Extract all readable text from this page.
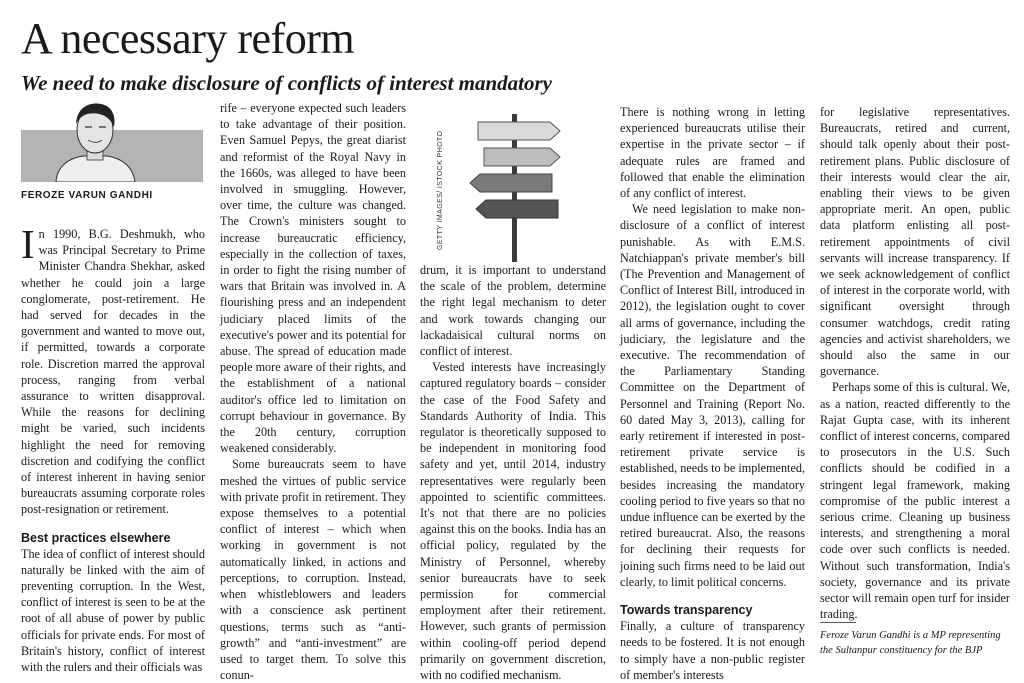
A necessary reform
We need to make disclosure of conflicts of interest mandatory
FEROZE VARUN GANDHI	GETTY IMAGES/ ISTOCK PHOTO

In 1990, B.G. Deshmukh, who was Principal Secretary to Prime Minister Chandra Shekhar, asked whether he could join a large conglomerate, post-retirement. He had served for decades in the government and wanted to move out, if permitted, towards a corporate role. Discretion marred the approval process, ranging from verbal assurance to written disapproval. While the reasons for declining might be varied, such incidents highlight the need for removing discretion and codifying the conflict of interest inherent in having senior bureaucrats assuming corporate roles post-resignation or retirement.

Best practices elsewhere

The idea of conflict of interest should naturally be linked with the aim of preventing corruption. In the West, conflict of interest is seen to be at the root of all abuse of power by public officials for private ends. For most of Britain's history, conflict of interest with the rulers and their officials was

rife – everyone expected such leaders to take advantage of their position. Even Samuel Pepys, the great diarist and reformist of the Royal Navy in the 1660s, was alleged to have been involved in smuggling. However, over time, the culture was changed. The Crown's ministers sought to increase bureaucratic efficiency, especially in the collection of taxes, in order to fight the rising number of wars that Britain was involved in. A flourishing press and an independent judiciary placed limits of the executive's power and its potential for abuse. The spread of education made people more aware of their rights, and the establishment of a national auditor's office led to limitation on corrupt behaviour in governance. By the 20th century, corruption weakened considerably.

Some bureaucrats seem to have meshed the virtues of public service with private profit in retirement. They expose themselves to a potential conflict of interest – which when working in government is not automatically linked, in actions and perceptions, to corruption. Instead, when whistleblowers and leaders with a conscience ask pertinent questions, terms such as “anti-growth” and “anti-investment” are used to target them. To solve this conun-

drum, it is important to understand the scale of the problem, determine the right legal mechanism to deter and work towards changing our lackadaisical cultural norms on conflict of interest.

Vested interests have increasingly captured regulatory boards – consider the case of the Food Safety and Standards Authority of India. This regulator is theoretically supposed to be independent in monitoring food safety and yet, until 2014, industry representatives were regularly been appointed to scientific committees. It's not that there are no policies against this on the books. India has an official policy, regulated by the Ministry of Personnel, whereby senior bureaucrats have to seek permission for commercial employment after their retirement. However, such grants of permission within cooling-off period depend primarily on government discretion, with no codified mechanism.

There is nothing wrong in letting experienced bureaucrats utilise their expertise in the private sector – if adequate rules are framed and followed that enable the elimination of any conflict of interest.

We need legislation to make non-disclosure of a conflict of interest punishable. As with E.M.S. Natchiappan's private member's bill (The Prevention and Management of Conflict of Interest Bill, introduced in 2012), the legislation ought to cover all arms of governance, including the judiciary, the legislature and the executive. The recommendation of the Parliamentary Standing Committee on the Department of Personnel and Training (Report No. 60 dated May 3, 2013), calling for early retirement if interested in post-retirement private service is established, needs to be implemented, besides increasing the mandatory cooling period to five years so that no undue influence can be exerted by the retired bureaucrat. Also, the reasons for declining their requests for joining such firms need to be laid out clearly, to limit political concerns.

Towards transparency

Finally, a culture of transparency needs to be fostered. It is not enough to simply have a non-public register of member's interests

for legislative representatives. Bureaucrats, retired and current, should talk openly about their post-retirement plans. Public disclosure of their interests would clear the air, enabling their views to be given appropriate merit. An open, public data platform enlisting all post-retirement appointments of civil servants will increase transparency. If we seek acknowledgement of conflict of interest in the corporate world, with significant oversight through consumer watchdogs, credit rating agencies and activist shareholders, we should also the same in our governance.

Perhaps some of this is cultural. We, as a nation, reacted differently to the Rajat Gupta case, with its inherent conflict of interest concerns, compared to prosecutors in the U.S. Such conflicts should be codified in a stringent legal framework, making compromise of the public interest a serious crime. Cleaning up business interests, and strengthening a moral code over such conflicts is needed. Without such transformation, India's society, governance and its private sector will remain open turf for insider trading.

Feroze Varun Gandhi is a MP representing the Sultanpur constituency for the BJP
